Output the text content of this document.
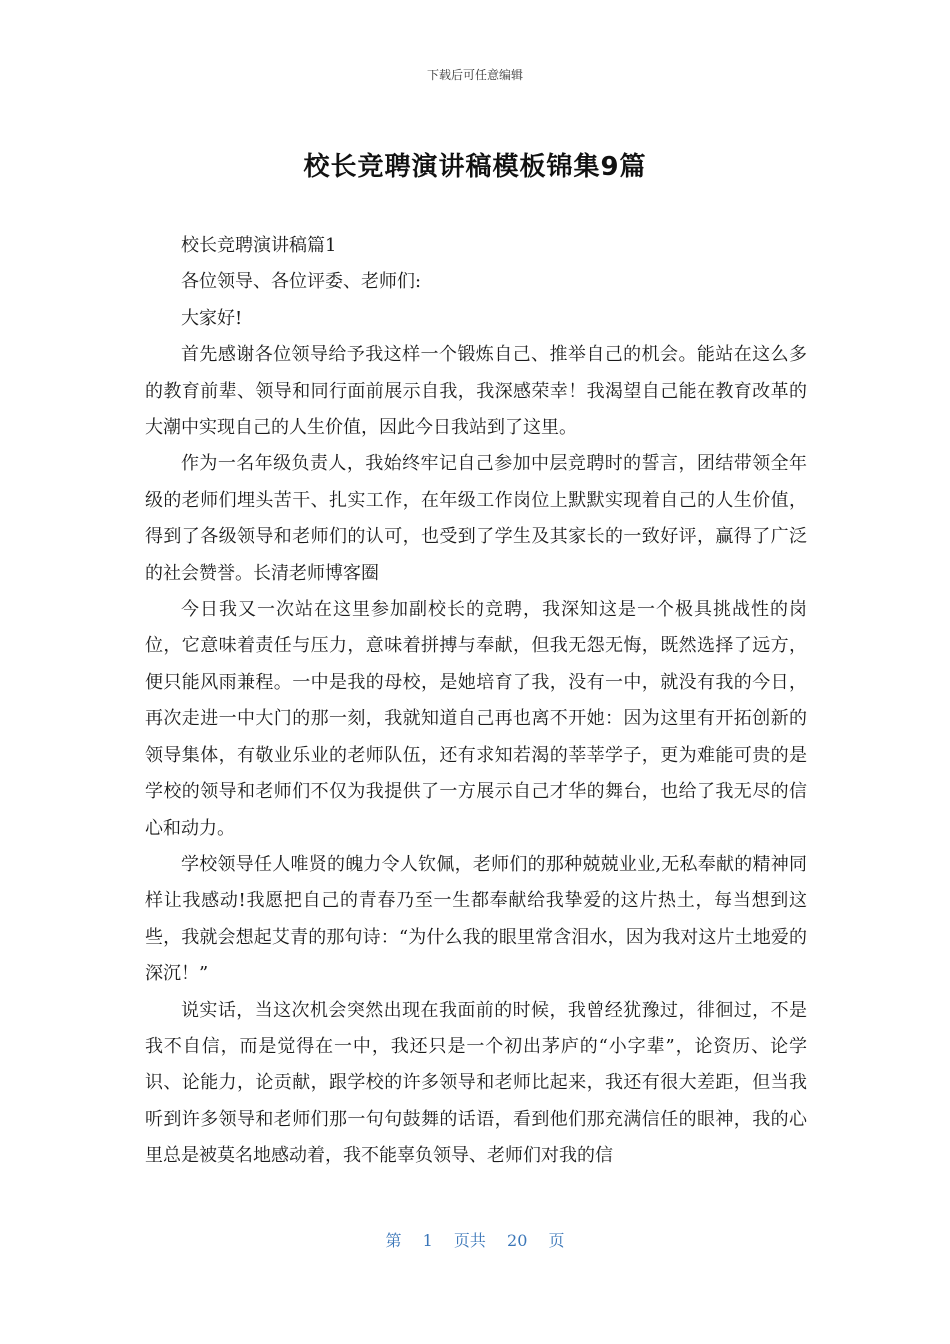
下载后可任意编辑
校长竞聘演讲稿模板锦集9篇

校长竞聘演讲稿篇1

各位领导、各位评委、老师们:

大家好!

首先感谢各位领导给予我这样一个锻炼自己、推举自己的机会。能站在这么多的教育前辈、领导和同行面前展示自我，我深感荣幸！我渴望自己能在教育改革的大潮中实现自己的人生价值，因此今日我站到了这里。

作为一名年级负责人，我始终牢记自己参加中层竞聘时的誓言，团结带领全年级的老师们埋头苦干、扎实工作，在年级工作岗位上默默实现着自己的人生价值，得到了各级领导和老师们的认可，也受到了学生及其家长的一致好评，赢得了广泛的社会赞誉。长清老师博客圈

今日我又一次站在这里参加副校长的竞聘，我深知这是一个极具挑战性的岗位，它意味着责任与压力，意味着拼搏与奉献，但我无怨无悔，既然选择了远方，便只能风雨兼程。一中是我的母校，是她培育了我，没有一中，就没有我的今日，再次走进一中大门的那一刻，我就知道自己再也离不开她：因为这里有开拓创新的领导集体，有敬业乐业的老师队伍，还有求知若渴的莘莘学子，更为难能可贵的是学校的领导和老师们不仅为我提供了一方展示自己才华的舞台，也给了我无尽的信心和动力。

学校领导任人唯贤的魄力令人钦佩，老师们的那种兢兢业业,无私奉献的精神同样让我感动!我愿把自己的青春乃至一生都奉献给我挚爱的这片热土，每当想到这些，我就会想起艾青的那句诗：“为什么我的眼里常含泪水，因为我对这片土地爱的深沉！”

说实话，当这次机会突然出现在我面前的时候，我曾经犹豫过，徘徊过，不是我不自信，而是觉得在一中，我还只是一个初出茅庐的“小字辈”，论资历、论学识、论能力，论贡献，跟学校的许多领导和老师比起来，我还有很大差距，但当我听到许多领导和老师们那一句句鼓舞的话语，看到他们那充满信任的眼神，我的心里总是被莫名地感动着，我不能辜负领导、老师们对我的信

第 1 页共 20 页
